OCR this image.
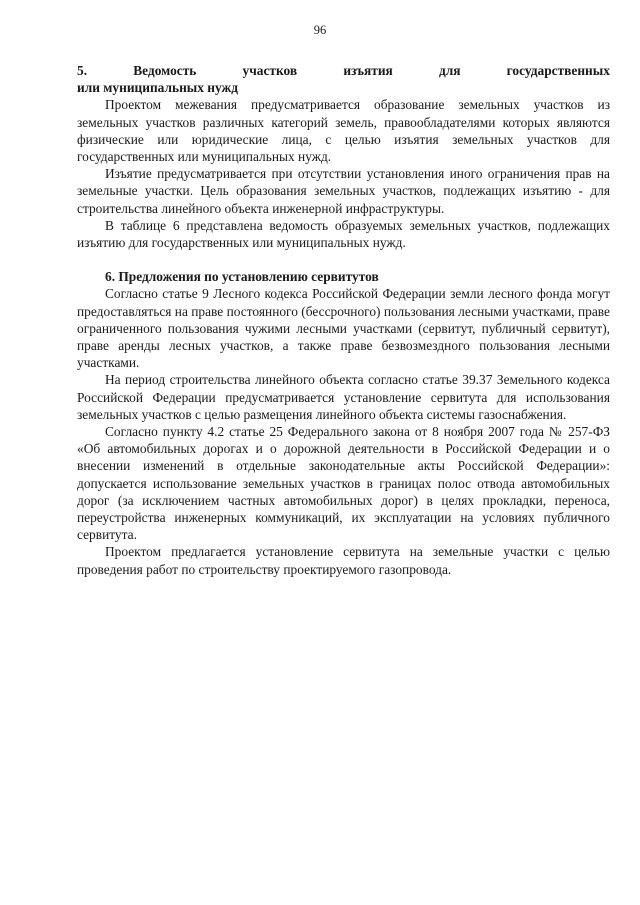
96
5.	Ведомость	участков	изъятия	для	государственных
или муниципальных нужд

Проектом межевания предусматривается образование земельных участков из земельных участков различных категорий земель, правообладателями которых являются физические или юридические лица, с целью изъятия земельных участков для государственных или муниципальных нужд.

Изъятие предусматривается при отсутствии установления иного ограничения прав на земельные участки. Цель образования земельных участков, подлежащих изъятию - для строительства линейного объекта инженерной инфраструктуры.

В таблице 6 представлена ведомость образуемых земельных участков, подлежащих изъятию для государственных или муниципальных нужд.

6. Предложения по установлению сервитутов

Согласно статье 9 Лесного кодекса Российской Федерации земли лесного фонда могут предоставляться на праве постоянного (бессрочного) пользования лесными участками, праве ограниченного пользования чужими лесными участками (сервитут, публичный сервитут), праве аренды лесных участков, а также праве безвозмездного пользования лесными участками.

На период строительства линейного объекта согласно статье 39.37 Земельного кодекса Российской Федерации предусматривается установление сервитута для использования земельных участков с целью размещения линейного объекта системы газоснабжения.

Согласно пункту 4.2 статье 25 Федерального закона от 8 ноября 2007 года № 257-ФЗ «Об автомобильных дорогах и о дорожной деятельности в Российской Федерации и о внесении изменений в отдельные законодательные акты Российской Федерации»: допускается использование земельных участков в границах полос отвода автомобильных дорог (за исключением частных автомобильных дорог) в целях прокладки, переноса, переустройства инженерных коммуникаций, их эксплуатации на условиях публичного сервитута.

Проектом предлагается установление сервитута на земельные участки с целью проведения работ по строительству проектируемого газопровода.
